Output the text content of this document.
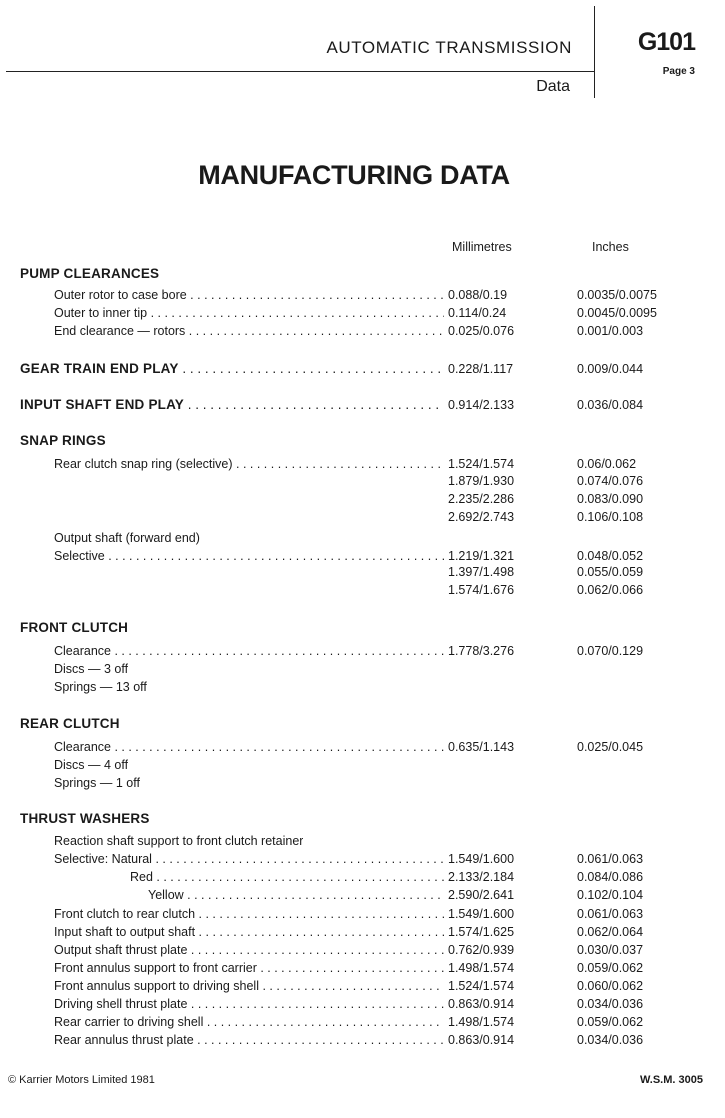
AUTOMATIC TRANSMISSION
Data
G101
Page 3
MANUFACTURING DATA
Millimetres	Inches
PUMP CLEARANCES
Outer rotor to case bore . . .	0.088/0.19	0.0035/0.0075
Outer to inner tip . . .	0.114/0.24	0.0045/0.0095
End clearance — rotors . . .	0.025/0.076	0.001/0.003
GEAR TRAIN END PLAY . . .	0.228/1.117	0.009/0.044
INPUT SHAFT END PLAY . . .	0.914/2.133	0.036/0.084
SNAP RINGS
Rear clutch snap ring (selective) . . .	1.524/1.574	0.06/0.062
1.879/1.930	0.074/0.076
2.235/2.286	0.083/0.090
2.692/2.743	0.106/0.108
Output shaft (forward end)
Selective . . .	1.219/1.321	0.048/0.052
1.397/1.498	0.055/0.059
1.574/1.676	0.062/0.066
FRONT CLUTCH
Clearance . . .	1.778/3.276	0.070/0.129
Discs — 3 off
Springs — 13 off
REAR CLUTCH
Clearance . . .	0.635/1.143	0.025/0.045
Discs — 4 off
Springs — 1 off
THRUST WASHERS
Reaction shaft support to front clutch retainer
Selective: Natural . . .	1.549/1.600	0.061/0.063
Red . . .	2.133/2.184	0.084/0.086
Yellow . . .	2.590/2.641	0.102/0.104
Front clutch to rear clutch . . .	1.549/1.600	0.061/0.063
Input shaft to output shaft . . .	1.574/1.625	0.062/0.064
Output shaft thrust plate . . .	0.762/0.939	0.030/0.037
Front annulus support to front carrier . . .	1.498/1.574	0.059/0.062
Front annulus support to driving shell . . .	1.524/1.574	0.060/0.062
Driving shell thrust plate . . .	0.863/0.914	0.034/0.036
Rear carrier to driving shell . . .	1.498/1.574	0.059/0.062
Rear annulus thrust plate . . .	0.863/0.914	0.034/0.036
© Karrier Motors Limited 1981	W.S.M. 3005
